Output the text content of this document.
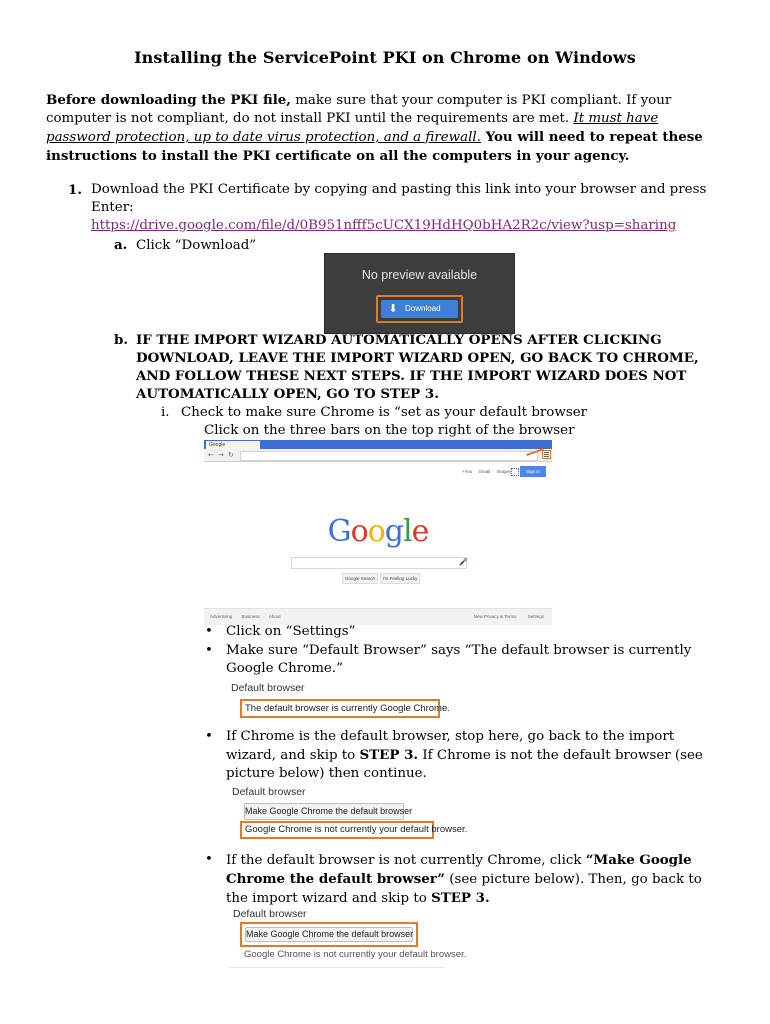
Installing the ServicePoint PKI on Chrome on Windows
Before downloading the PKI file, make sure that your computer is PKI compliant. If your computer is not compliant, do not install PKI until the requirements are met. It must have password protection, up to date virus protection, and a firewall. You will need to repeat these instructions to install the PKI certificate on all the computers in your agency.
1. Download the PKI Certificate by copying and pasting this link into your browser and press Enter:
https://drive.google.com/file/d/0B951nfff5cUCX19HdHQ0bHA2R2c/view?usp=sharing
a. Click “Download”
No preview available
⬇ Download
b. IF THE IMPORT WIZARD AUTOMATICALLY OPENS AFTER CLICKING DOWNLOAD, LEAVE THE IMPORT WIZARD OPEN, GO BACK TO CHROME, AND FOLLOW THESE NEXT STEPS. IF THE IMPORT WIZARD DOES NOT AUTOMATICALLY OPEN, GO TO STEP 3.
i. Check to make sure Chrome is “set as your default browser
Click on the three bars on the top right of the browser
Google
← → ↻
+You Gmail Images	Sign in
Google
🎤
Google Search	I'm Feeling Lucky
Advertising Business About	New Privacy & Terms	Settings
• Click on “Settings”
• Make sure “Default Browser” says “The default browser is currently Google Chrome.”
• If Chrome is the default browser, stop here, go back to the import wizard, and skip to STEP 3. If Chrome is not the default browser (see picture below) then continue.
• If the default browser is not currently Chrome, click “Make Google Chrome the default browser” (see picture below). Then, go back to the import wizard and skip to STEP 3.
Default browser
The default browser is currently Google Chrome.
Default browser
Make Google Chrome the default browser
Google Chrome is not currently your default browser.
Default browser
Make Google Chrome the default browser
Google Chrome is not currently your default browser.
